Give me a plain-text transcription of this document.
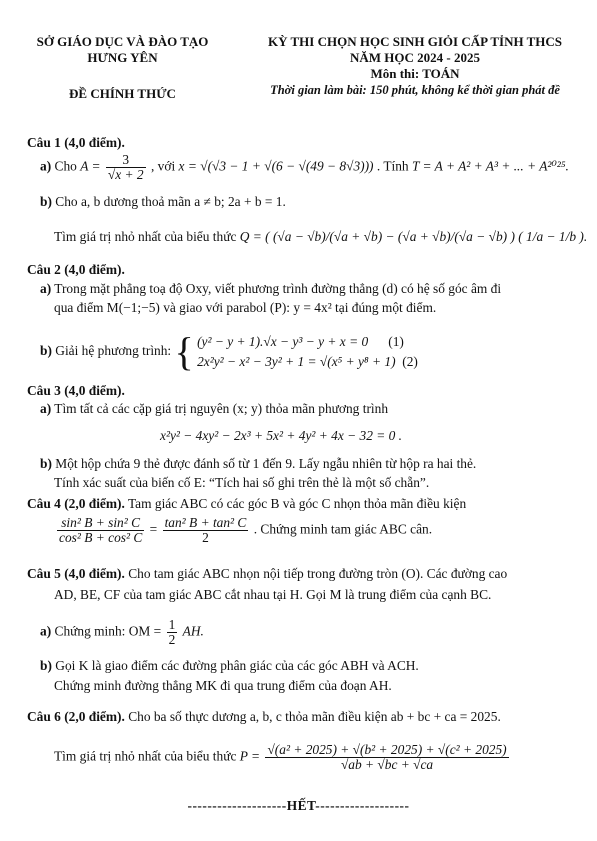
SỞ GIÁO DỤC VÀ ĐÀO TẠO
HƯNG YÊN
ĐỀ CHÍNH THỨC
KỲ THI CHỌN HỌC SINH GIỎI CẤP TỈNH THCS
NĂM HỌC 2024 - 2025
Môn thi: TOÁN
Thời gian làm bài: 150 phút, không kể thời gian phát đề
Câu 1 (4,0 điểm).
a) Cho $A = \frac{3}{√x + 2}$ , với x = √(√3 − 1 + √(6 − √(49 − 8√3))) . Tính T = A + A² + A³ + ... + A²⁰²⁵.
b) Cho a, b dương thoả mãn a ≠ b; 2a + b = 1.
Tìm giá trị nhỏ nhất của biểu thức Q = ( (√a − √b)/(√a + √b) − (√a + √b)/(√a − √b) ) ( 1/a − 1/b ).
Câu 2 (4,0 điểm).
a) Trong mặt phẳng toạ độ Oxy, viết phương trình đường thẳng (d) có hệ số góc âm đi
qua điểm M(−1;−5) và giao với parabol (P): y = 4x² tại đúng một điểm.
b) Giải hệ phương trình: { (y² − y + 1).√x − y³ − y + x = 0 (1)
2x²y² − x² − 3y² + 1 = √(x⁵ + y⁸ + 1) (2)
Câu 3 (4,0 điểm).
a) Tìm tất cả các cặp giá trị nguyên (x; y) thỏa mãn phương trình
x²y² − 4xy² − 2x³ + 5x² + 4y² + 4x − 32 = 0 .
b) Một hộp chứa 9 thẻ được đánh số từ 1 đến 9. Lấy ngẫu nhiên từ hộp ra hai thẻ.
Tính xác suất của biến cố E: “Tích hai số ghi trên thẻ là một số chẵn”.
Câu 4 (2,0 điểm). Tam giác ABC có các góc B và góc C nhọn thỏa mãn điều kiện
$\frac{\text{sin² B + sin² C}}{\text{cos² B + cos² C}} = \frac{\text{tan² B + tan² C}}{2}$ . Chứng minh tam giác ABC cân.
Câu 5 (4,0 điểm). Cho tam giác ABC nhọn nội tiếp trong đường tròn (O). Các đường cao
AD, BE, CF của tam giác ABC cắt nhau tại H. Gọi M là trung điểm của cạnh BC.
a) Chứng minh: OM = $\frac{1}{2}$ AH.
b) Gọi K là giao điểm các đường phân giác của các góc ABH và ACH.
Chứng minh đường thẳng MK đi qua trung điểm của đoạn AH.
Câu 6 (2,0 điểm). Cho ba số thực dương a, b, c thỏa mãn điều kiện ab + bc + ca = 2025.
Tìm giá trị nhỏ nhất của biểu thức $P = \frac{\text{√(a² + 2025) + √(b² + 2025) + √(c² + 2025)}}{√ab + √bc + √ca}$
--------------------HẾT-------------------
